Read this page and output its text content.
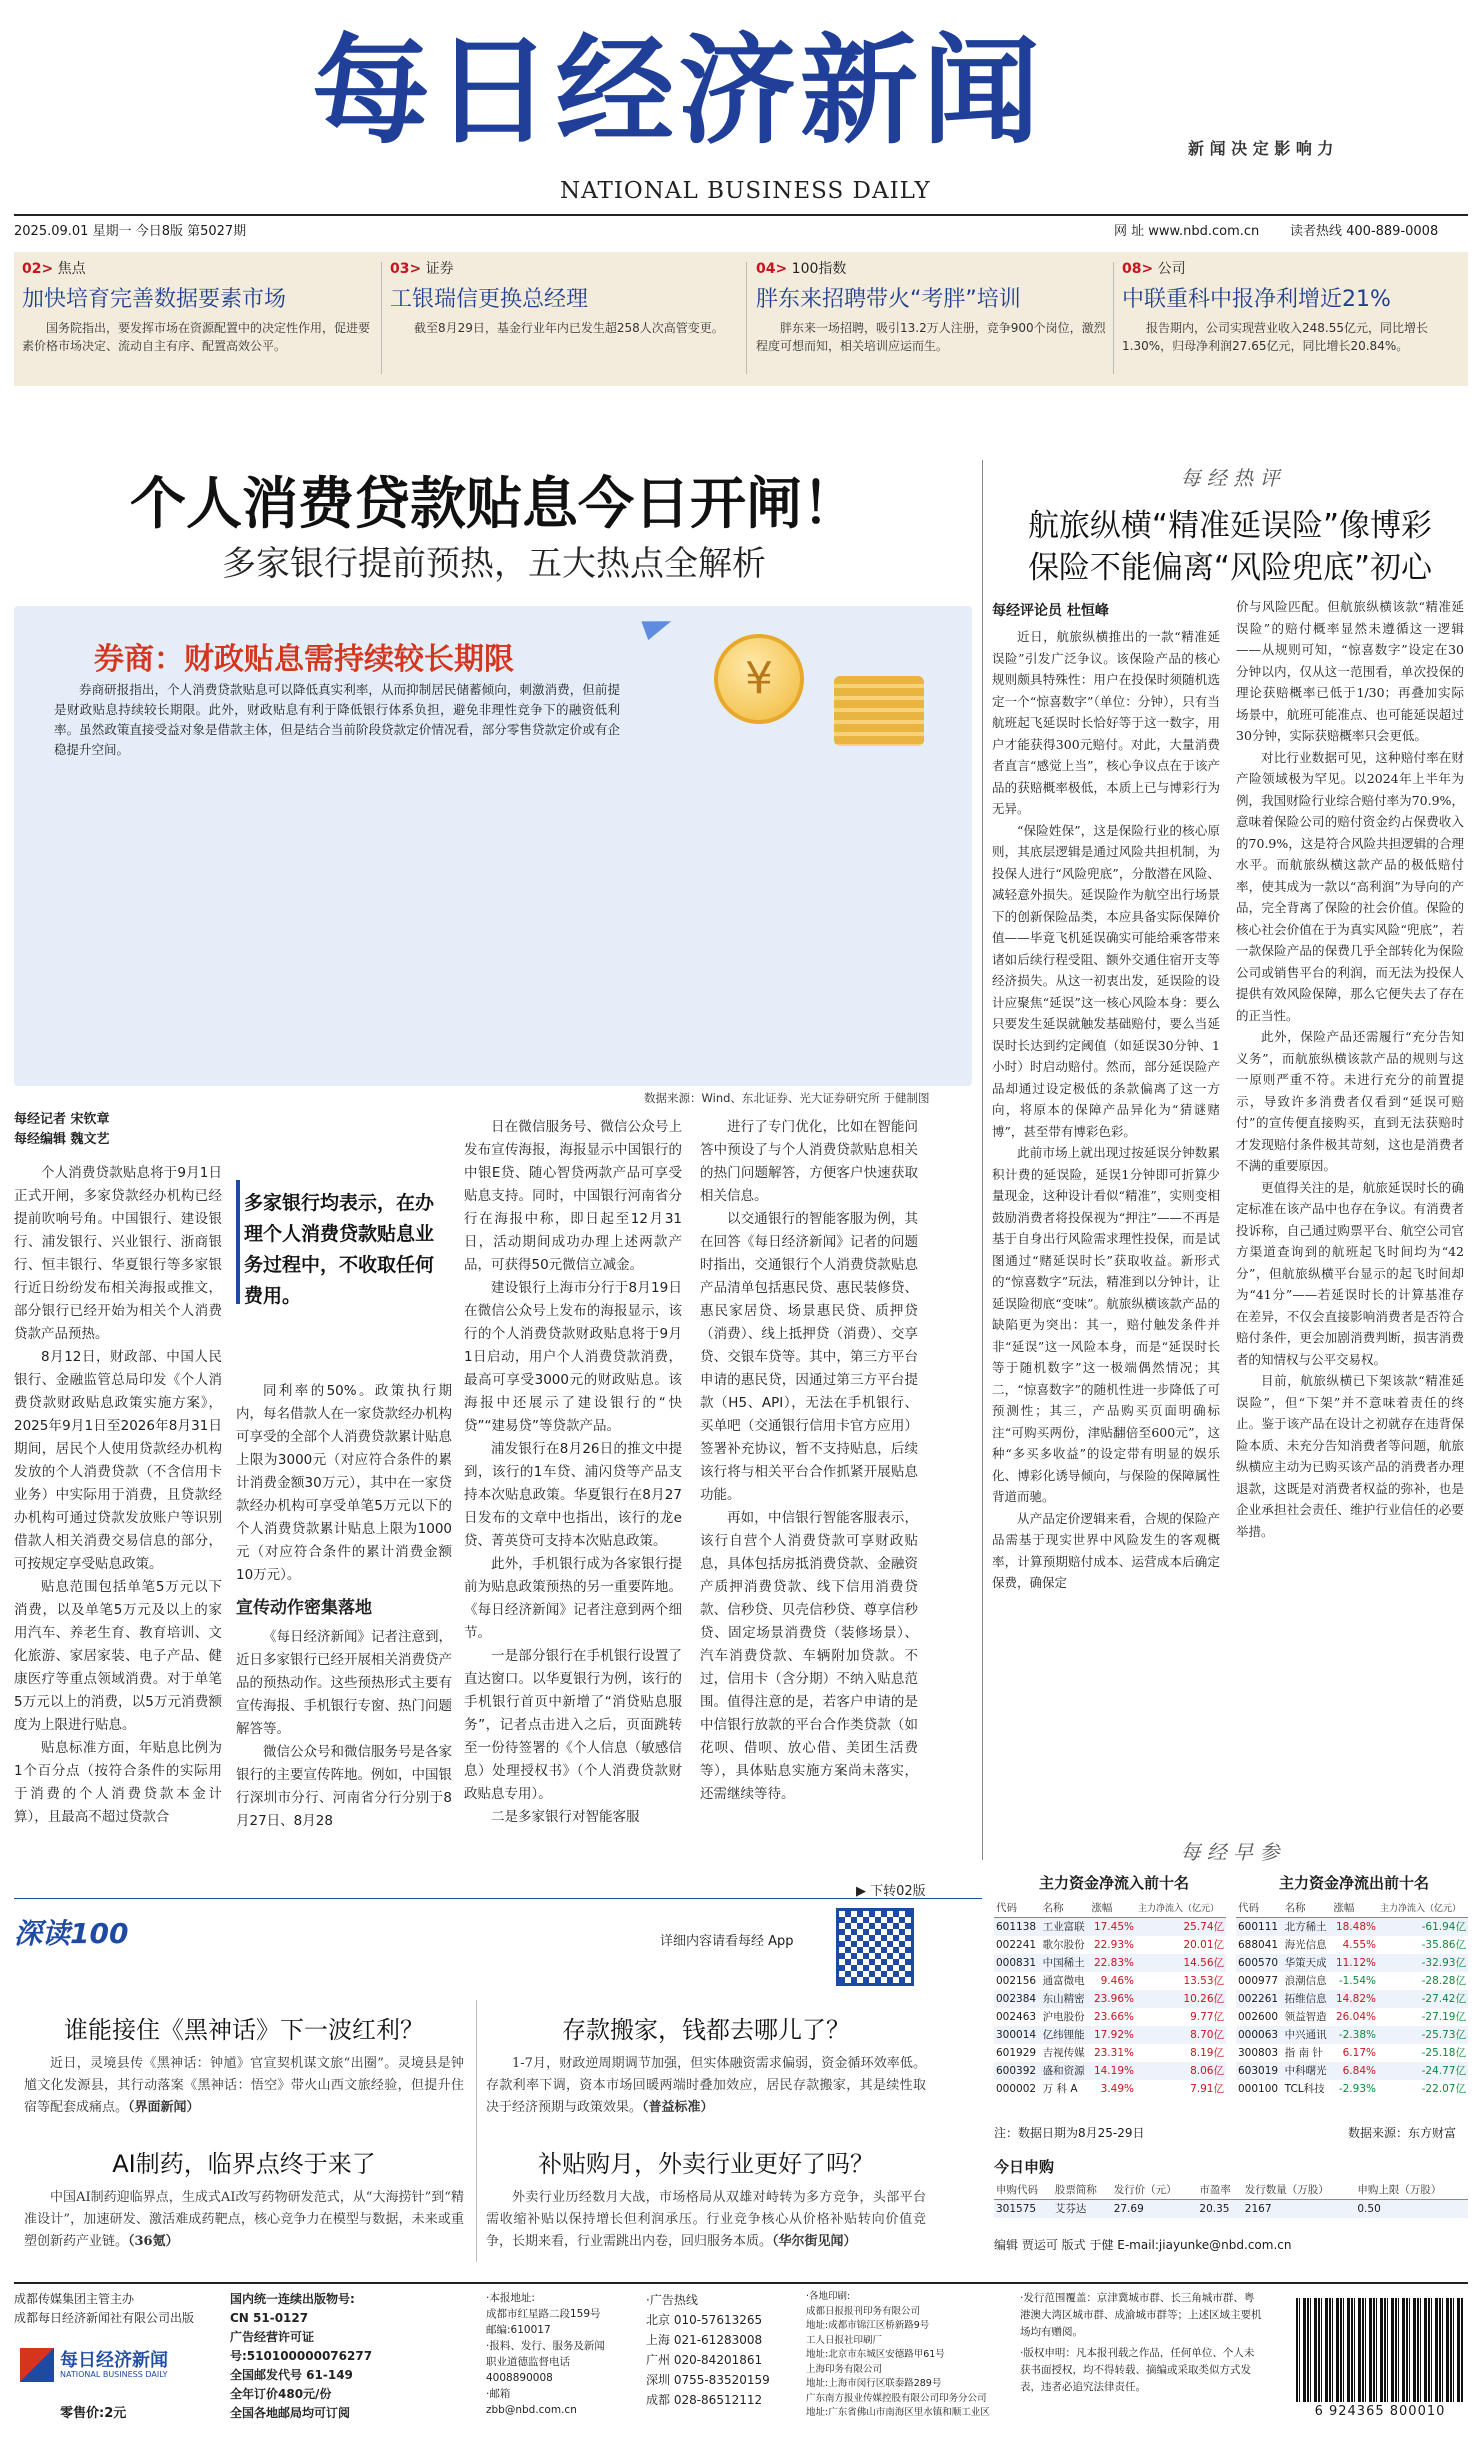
每日经济新闻
NATIONAL BUSINESS DAILY
新 闻 决 定 影 响 力
2025.09.01 星期一 今日8版 第5027期	网 址 www.nbd.com.cn 读者热线 400-889-0008
02> 焦点
加快培育完善数据要素市场
国务院指出，要发挥市场在资源配置中的决定性作用，促进要素价格市场决定、流动自主有序、配置高效公平。
03> 证券
工银瑞信更换总经理
截至8月29日，基金行业年内已发生超258人次高管变更。
04> 100指数
胖东来招聘带火“考胖”培训
胖东来一场招聘，吸引13.2万人注册，竞争900个岗位，激烈程度可想而知，相关培训应运而生。
08> 公司
中联重科中报净利增近21%
报告期内，公司实现营业收入248.55亿元，同比增长1.30%，归母净利润27.65亿元，同比增长20.84%。
个人消费贷款贴息今日开闸！
多家银行提前预热，五大热点全解析
券商：财政贴息需持续较长期限
券商研报指出，个人消费贷款贴息可以降低真实利率，从而抑制居民储蓄倾向，刺激消费，但前提是财政贴息持续较长期限。此外，财政贴息有利于降低银行体系负担，避免非理性竞争下的融资低利率。虽然政策直接受益对象是借款主体，但是结合当前阶段贷款定价情况看，部分零售贷款定价或有企稳提升空间。
¥
数据来源：Wind、东北证券、光大证券研究所 于健制图

每经记者 宋钦章

每经编辑 魏文艺

个人消费贷款贴息将于9月1日正式开闸，多家贷款经办机构已经提前吹响号角。中国银行、建设银行、浦发银行、兴业银行、浙商银行、恒丰银行、华夏银行等多家银行近日纷纷发布相关海报或推文，部分银行已经开始为相关个人消费贷款产品预热。

8月12日，财政部、中国人民银行、金融监管总局印发《个人消费贷款财政贴息政策实施方案》，2025年9月1日至2026年8月31日期间，居民个人使用贷款经办机构发放的个人消费贷款（不含信用卡业务）中实际用于消费，且贷款经办机构可通过贷款发放账户等识别借款人相关消费交易信息的部分，可按规定享受贴息政策。

贴息范围包括单笔5万元以下消费，以及单笔5万元及以上的家用汽车、养老生育、教育培训、文化旅游、家居家装、电子产品、健康医疗等重点领域消费。对于单笔5万元以上的消费，以5万元消费额度为上限进行贴息。

贴息标准方面，年贴息比例为1个百分点（按符合条件的实际用于消费的个人消费贷款本金计算），且最高不超过贷款合

多家银行均表示，在办理个人消费贷款贴息业务过程中，不收取任何费用。

同利率的50%。政策执行期内，每名借款人在一家贷款经办机构可享受的全部个人消费贷款累计贴息上限为3000元（对应符合条件的累计消费金额30万元），其中在一家贷款经办机构可享受单笔5万元以下的个人消费贷款累计贴息上限为1000元（对应符合条件的累计消费金额10万元）。

宣传动作密集落地

《每日经济新闻》记者注意到，近日多家银行已经开展相关消费贷产品的预热动作。这些预热形式主要有宣传海报、手机银行专窗、热门问题解答等。

微信公众号和微信服务号是各家银行的主要宣传阵地。例如，中国银行深圳市分行、河南省分行分别于8月27日、8月28

日在微信服务号、微信公众号上发布宣传海报，海报显示中国银行的中银E贷、随心智贷两款产品可享受贴息支持。同时，中国银行河南省分行在海报中称，即日起至12月31日，活动期间成功办理上述两款产品，可获得50元微信立减金。

建设银行上海市分行于8月19日在微信公众号上发布的海报显示，该行的个人消费贷款财政贴息将于9月1日启动，用户个人消费贷款消费，最高可享受3000元的财政贴息。该海报中还展示了建设银行的“快贷”“建易贷”等贷款产品。

浦发银行在8月26日的推文中提到，该行的1车贷、浦闪贷等产品支持本次贴息政策。华夏银行在8月27日发布的文章中也指出，该行的龙e贷、菁英贷可支持本次贴息政策。

此外，手机银行成为各家银行提前为贴息政策预热的另一重要阵地。《每日经济新闻》记者注意到两个细节。

一是部分银行在手机银行设置了直达窗口。以华夏银行为例，该行的手机银行首页中新增了“消贷贴息服务”，记者点击进入之后，页面跳转至一份待签署的《个人信息（敏感信息）处理授权书》（个人消费贷款财政贴息专用）。

二是多家银行对智能客服

进行了专门优化，比如在智能问答中预设了与个人消费贷款贴息相关的热门问题解答，方便客户快速获取相关信息。

以交通银行的智能客服为例，其在回答《每日经济新闻》记者的问题时指出，交通银行个人消费贷款贴息产品清单包括惠民贷、惠民装修贷、惠民家居贷、场景惠民贷、质押贷（消费）、线上抵押贷（消费）、交享贷、交银车贷等。其中，第三方平台申请的惠民贷，因通过第三方平台提款（H5、API），无法在手机银行、买单吧（交通银行信用卡官方应用）签署补充协议，暂不支持贴息，后续该行将与相关平台合作抓紧开展贴息功能。

再如，中信银行智能客服表示，该行自营个人消费贷款可享财政贴息，具体包括房抵消费贷款、金融资产质押消费贷款、线下信用消费贷款、信秒贷、贝壳信秒贷、尊享信秒贷、固定场景消费贷（装修场景）、汽车消费贷款、车辆附加贷款。不过，信用卡（含分期）不纳入贴息范围。值得注意的是，若客户申请的是中信银行放款的平台合作类贷款（如花呗、借呗、放心借、美团生活费等），具体贴息实施方案尚未落实，还需继续等待。

▶ 下转02版
每 经 热 评
航旅纵横“精准延误险”像博彩
保险不能偏离“风险兜底”初心
每经评论员 杜恒峰

近日，航旅纵横推出的一款“精准延误险”引发广泛争议。该保险产品的核心规则颇具特殊性：用户在投保时须随机选定一个“惊喜数字”（单位：分钟），只有当航班起飞延误时长恰好等于这一数字，用户才能获得300元赔付。对此，大量消费者直言“感觉上当”，核心争议点在于该产品的获赔概率极低，本质上已与博彩行为无异。

“保险姓保”，这是保险行业的核心原则，其底层逻辑是通过风险共担机制，为投保人进行“风险兜底”，分散潜在风险、减轻意外损失。延误险作为航空出行场景下的创新保险品类，本应具备实际保障价值——毕竟飞机延误确实可能给乘客带来诸如后续行程受阻、额外交通住宿开支等经济损失。从这一初衷出发，延误险的设计应聚焦“延误”这一核心风险本身：要么只要发生延误就触发基础赔付，要么当延误时长达到约定阈值（如延误30分钟、1小时）时启动赔付。然而，部分延误险产品却通过设定极低的条款偏离了这一方向，将原本的保障产品异化为“猜谜赌博”，甚至带有博彩色彩。

此前市场上就出现过按延误分钟数累积计费的延误险，延误1分钟即可折算少量现金，这种设计看似“精准”，实则变相鼓励消费者将投保视为“押注”——不再是基于自身出行风险需求理性投保，而是试图通过“赌延误时长”获取收益。新形式的“惊喜数字”玩法，精准到以分钟计，让延误险彻底“变味”。航旅纵横该款产品的缺陷更为突出：其一，赔付触发条件并非“延误”这一风险本身，而是“延误时长等于随机数字”这一极端偶然情况；其二，“惊喜数字”的随机性进一步降低了可预测性；其三，产品购买页面明确标注“可购买两份，津贴翻倍至600元”，这种“多买多收益”的设定带有明显的娱乐化、博彩化诱导倾向，与保险的保障属性背道而驰。

从产品定价逻辑来看，合规的保险产品需基于现实世界中风险发生的客观概率，计算预期赔付成本、运营成本后确定保费，确保定

价与风险匹配。但航旅纵横该款“精准延误险”的赔付概率显然未遵循这一逻辑——从规则可知，“惊喜数字”设定在30分钟以内，仅从这一范围看，单次投保的理论获赔概率已低于1/30；再叠加实际场景中，航班可能准点、也可能延误超过30分钟，实际获赔概率只会更低。

对比行业数据可见，这种赔付率在财产险领域极为罕见。以2024年上半年为例，我国财险行业综合赔付率为70.9%，意味着保险公司的赔付资金约占保费收入的70.9%，这是符合风险共担逻辑的合理水平。而航旅纵横这款产品的极低赔付率，使其成为一款以“高利润”为导向的产品，完全背离了保险的社会价值。保险的核心社会价值在于为真实风险“兜底”，若一款保险产品的保费几乎全部转化为保险公司或销售平台的利润，而无法为投保人提供有效风险保障，那么它便失去了存在的正当性。

此外，保险产品还需履行“充分告知义务”，而航旅纵横该款产品的规则与这一原则严重不符。未进行充分的前置提示，导致许多消费者仅看到“延误可赔付”的宣传便直接购买，直到无法获赔时才发现赔付条件极其苛刻，这也是消费者不满的重要原因。

更值得关注的是，航旅延误时长的确定标准在该产品中也存在争议。有消费者投诉称，自己通过购票平台、航空公司官方渠道查询到的航班起飞时间均为“42分”，但航旅纵横平台显示的起飞时间却为“41分”——若延误时长的计算基准存在差异，不仅会直接影响消费者是否符合赔付条件，更会加剧消费判断，损害消费者的知情权与公平交易权。

目前，航旅纵横已下架该款“精准延误险”，但“下架”并不意味着责任的终止。鉴于该产品在设计之初就存在违背保险本质、未充分告知消费者等问题，航旅纵横应主动为已购买该产品的消费者办理退款，这既是对消费者权益的弥补，也是企业承担社会责任、维护行业信任的必要举措。

每 经 早 参
主力资金净流入前十名	主力资金净流出前十名
代码	名称	涨幅	主力净流入（亿元）
601138	工业富联	17.45%	25.74亿
002241	歌尔股份	22.93%	20.01亿
000831	中国稀土	22.83%	14.56亿
002156	通富微电	9.46%	13.53亿
002384	东山精密	23.96%	10.26亿
002463	沪电股份	23.66%	9.77亿
300014	亿纬锂能	17.92%	8.70亿
601929	吉视传媒	23.31%	8.19亿
600392	盛和资源	14.19%	8.06亿
000002	万 科 A	3.49%	7.91亿
代码	名称	涨幅	主力净流入（亿元）
600111	北方稀土	18.48%	-61.94亿
688041	海光信息	4.55%	-35.86亿
600570	华策天成	11.12%	-32.93亿
000977	浪潮信息	-1.54%	-28.28亿
002261	拓维信息	14.82%	-27.42亿
002600	领益智造	26.04%	-27.19亿
000063	中兴通讯	-2.38%	-25.73亿
300803	指 南 针	6.17%	-25.18亿
603019	中科曙光	6.84%	-24.77亿
000100	TCL科技	-2.93%	-22.07亿
注：数据日期为8月25-29日	数据来源：东方财富
今日申购
申购代码	股票简称	发行价（元）	市盈率	发行数量（万股）	申购上限（万股）
301575	艾芬达	27.69	20.35	2167	0.50
编辑 贾运可 版式 于健 E-mail:jiayunke@nbd.com.cn
深读100	详细内容请看每经 App
谁能接住《黑神话》下一波红利？
近日，灵境县传《黑神话：钟馗》官宣契机谋文旅“出圈”。灵境县是钟馗文化发源县，其行动落案《黑神话：悟空》带火山西文旅经验，但提升住宿等配套成痛点。（界面新闻）
存款搬家，钱都去哪儿了？
1-7月，财政逆周期调节加强，但实体融资需求偏弱，资金循环效率低。存款利率下调，资本市场回暖两端时叠加效应，居民存款搬家，其是续性取决于经济预期与政策效果。（普益标准）
AI制药，临界点终于来了
中国AI制药迎临界点，生成式AI改写药物研发范式，从“大海捞针”到“精准设计”，加速研发、激活难成药靶点，核心竞争力在模型与数据，未来或重塑创新药产业链。（36氪）
补贴购月，外卖行业更好了吗？
外卖行业历经数月大战，市场格局从双雄对峙转为多方竞争，头部平台需收缩补贴以保持增长但利润承压。行业竞争核心从价格补贴转向价值竞争，长期来看，行业需跳出内卷，回归服务本质。（华尔街见闻）
成都传媒集团主管主办
成都每日经济新闻社有限公司出版
每日经济新闻
NATIONAL BUSINESS DAILY
零售价:2元
国内统一连续出版物号:
CN 51-0127
广告经营许可证号:510100000076277
全国邮发代号 61-149
全年订价480元/份
全国各地邮局均可订阅
·本报地址:
成都市红星路二段159号
邮编:610017
·报料、发行、服务及新闻
职业道德监督电话
4008890008
·邮箱
zbb@nbd.com.cn
·广告热线
北京 010-57613265
上海 021-61283008
广州 020-84201861
深圳 0755-83520159
成都 028-86512112
·各地印刷:
成都日报报刊印务有限公司
地址:成都市锦江区桥新路9号
工人日报社印刷厂
地址:北京市东城区安德路甲61号
上海印务有限公司
地址:上海市闵行区联泰路289号
广东南方报业传媒控股有限公司印务分公司
地址:广东省佛山市南海区里水镇和顺工业区
·发行范围覆盖：京津冀城市群、长三角城市群、粤港澳大湾区城市群、成渝城市群等；上述区域主要机场均有赠阅。
·版权申明：凡本报刊载之作品，任何单位、个人未获书面授权，均不得转载、摘编或采取类似方式发表，违者必追究法律责任。
6 924365 800010
